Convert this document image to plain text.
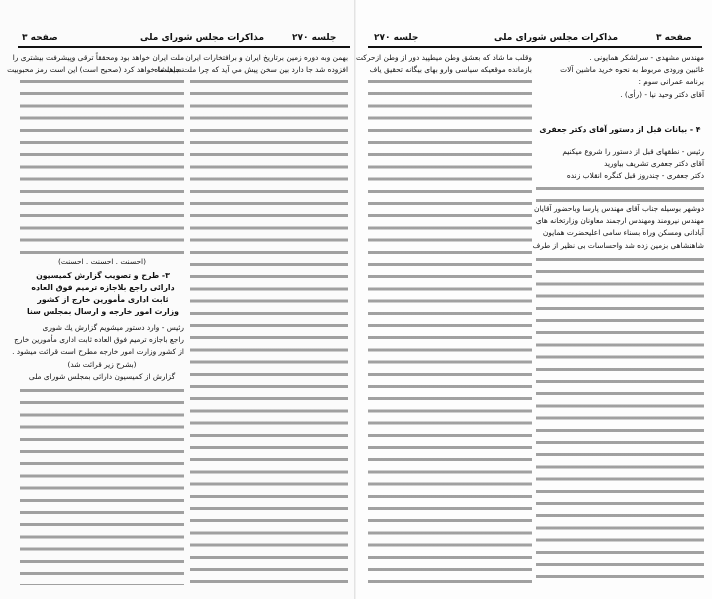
صفحه ۳	مذاکرات مجلس شورای ملی	جلسه ۲۷۰
بهمن وبه دوره زمين برتاريخ ايران و برافتخارات ايران
افزوده شد جا دارد بين سخن پيش مي آيد كه چرا ملت جاهلشاه
ملت ايران خواهد بود ومحققاً ترقی وپيشرفت بيشتری را
نصيب ما خواهد كرد (صحيح است) اين است رمز محبوبيت
(احسنت . احسنت . احسنت)
۳- طرح و تصويب گزارش كميسيون دارائی راجع بلاجازه ترميم فوق العاده ثابت اداری مأمورين خارج از كشور وزارت امور خارجه و ارسال بمجلس سنا
رئيس - وارد دستور ميشويم گزارش يك شوری
راجع باجازه ترميم فوق العاده ثابت اداری مأمورين خارج
از كشور وزارت امور خارجه مطرح است قرائت ميشود .
(بشرح زير قرائت شد)
گزارش از كميسيون دارائی بمجلس شورای ملی
جلسه ۲۷۰	مذاکرات مجلس شورای ملی	صفحه ۳
مهندس مشهدی - سرلشكر همايونی .
غائبين ورودی مربوط به نحوه خريد ماشين آلات
برنامه عمرانی سوم :
آقای دكتر وحيد نيا - (رأی) .
۴ - بيانات قبل از دستور آقای دكتر جعفری
رئيس - نطقهای قبل از دستور را شروع ميكنيم
آقای دكتر جعفری تشريف بياوريد
دكتر جعفری - چندروز قبل كنگره انقلاب زنده
دوشهر بوسيله جناب آقای مهندس پارسا وباحضور آقايان
مهندس نيرومند ومهندس ارجمند معاونان وزارتخانه های
آبادانی ومسكن وراه بسناء سامی اعليحضرت همايون
شاهنشاهی بزمين زده شد واحساسات بی نظير از طرف
وقلب ما شاد كه بعشق وطن ميطپيد دور از وطن ازحركت
بازمانده موقعيكه سياسی وارو بهای بيگانه تحقيق ياف
